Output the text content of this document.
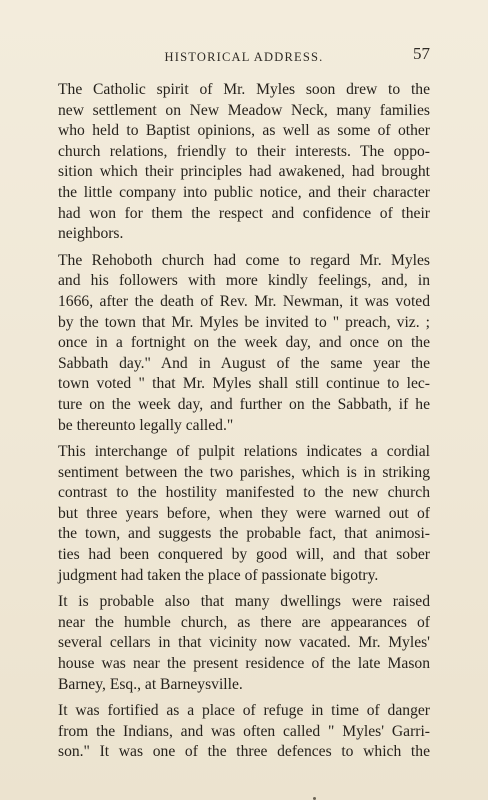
HISTORICAL ADDRESS.	57
The Catholic spirit of Mr. Myles soon drew to the
new settlement on New Meadow Neck, many families
who held to Baptist opinions, as well as some of other
church relations, friendly to their interests. The oppo-
sition which their principles had awakened, had brought
the little company into public notice, and their character
had won for them the respect and confidence of their
neighbors.
The Rehoboth church had come to regard Mr. Myles
and his followers with more kindly feelings, and, in
1666, after the death of Rev. Mr. Newman, it was voted
by the town that Mr. Myles be invited to " preach, viz. ;
once in a fortnight on the week day, and once on the
Sabbath day." And in August of the same year the
town voted " that Mr. Myles shall still continue to lec-
ture on the week day, and further on the Sabbath, if he
be thereunto legally called."
This interchange of pulpit relations indicates a cordial
sentiment between the two parishes, which is in striking
contrast to the hostility manifested to the new church
but three years before, when they were warned out of
the town, and suggests the probable fact, that animosi-
ties had been conquered by good will, and that sober
judgment had taken the place of passionate bigotry.
It is probable also that many dwellings were raised
near the humble church, as there are appearances of
several cellars in that vicinity now vacated. Mr. Myles'
house was near the present residence of the late Mason
Barney, Esq., at Barneysville.
It was fortified as a place of refuge in time of danger
from the Indians, and was often called " Myles' Garri-
son." It was one of the three defences to which the
